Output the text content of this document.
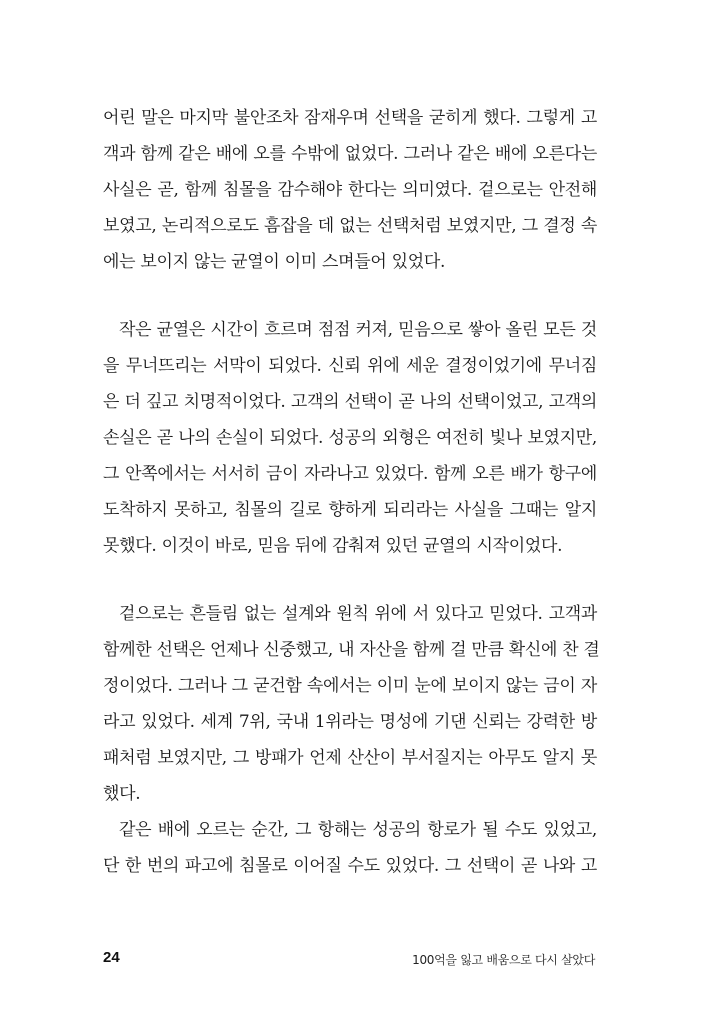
어린 말은 마지막 불안조차 잠재우며 선택을 굳히게 했다. 그렇게 고
객과 함께 같은 배에 오를 수밖에 없었다. 그러나 같은 배에 오른다는
사실은 곧, 함께 침몰을 감수해야 한다는 의미였다. 겉으로는 안전해
보였고, 논리적으로도 흠잡을 데 없는 선택처럼 보였지만, 그 결정 속
에는 보이지 않는 균열이 이미 스며들어 있었다.
작은 균열은 시간이 흐르며 점점 커져, 믿음으로 쌓아 올린 모든 것
을 무너뜨리는 서막이 되었다. 신뢰 위에 세운 결정이었기에 무너짐
은 더 깊고 치명적이었다. 고객의 선택이 곧 나의 선택이었고, 고객의
손실은 곧 나의 손실이 되었다. 성공의 외형은 여전히 빛나 보였지만,
그 안쪽에서는 서서히 금이 자라나고 있었다. 함께 오른 배가 항구에
도착하지 못하고, 침몰의 길로 향하게 되리라는 사실을 그때는 알지
못했다. 이것이 바로, 믿음 뒤에 감춰져 있던 균열의 시작이었다.
겉으로는 흔들림 없는 설계와 원칙 위에 서 있다고 믿었다. 고객과
함께한 선택은 언제나 신중했고, 내 자산을 함께 걸 만큼 확신에 찬 결
정이었다. 그러나 그 굳건함 속에서는 이미 눈에 보이지 않는 금이 자
라고 있었다. 세계 7위, 국내 1위라는 명성에 기댄 신뢰는 강력한 방
패처럼 보였지만, 그 방패가 언제 산산이 부서질지는 아무도 알지 못
했다.
같은 배에 오르는 순간, 그 항해는 성공의 항로가 될 수도 있었고,
단 한 번의 파고에 침몰로 이어질 수도 있었다. 그 선택이 곧 나와 고
24	100억을 잃고 배움으로 다시 살았다
